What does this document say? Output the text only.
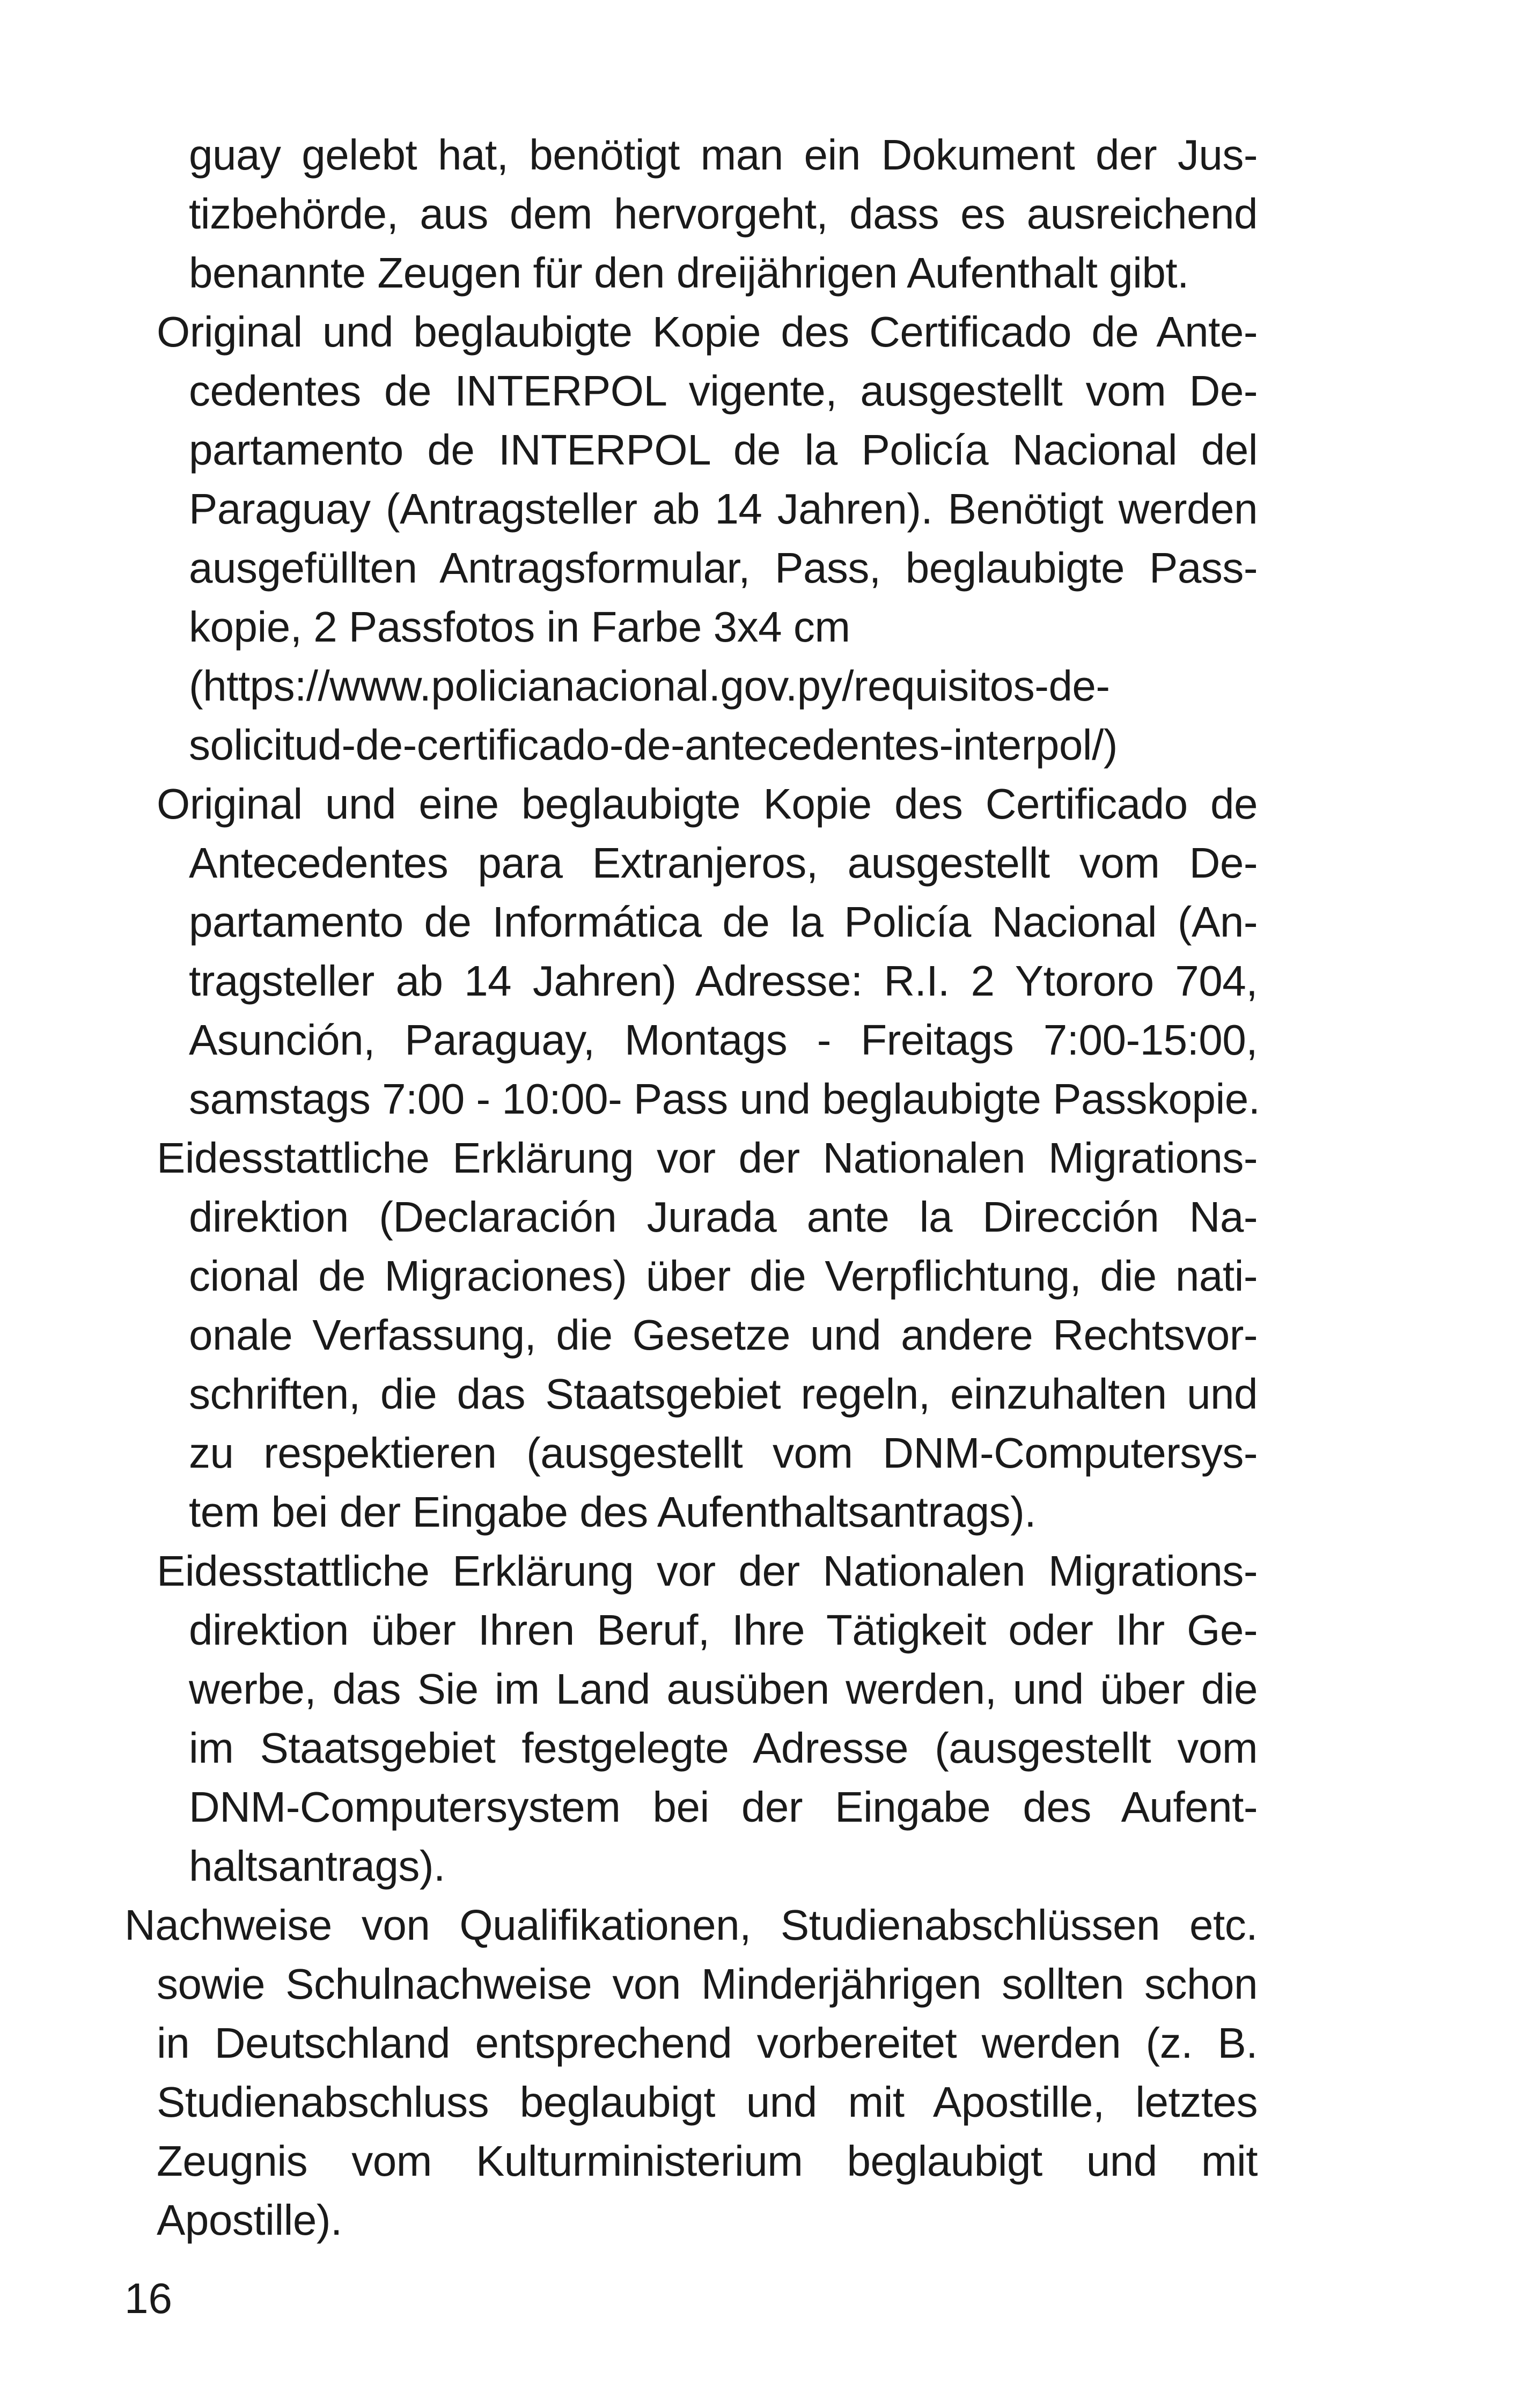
guay gelebt hat, benötigt man ein Dokument der Jus-
tizbehörde, aus dem hervorgeht, dass es ausreichend
benannte Zeugen für den dreijährigen Aufenthalt gibt.
Original und beglaubigte Kopie des Certificado de Ante-
cedentes de INTERPOL vigente, ausgestellt vom De-
partamento de INTERPOL de la Policía Nacional del
Paraguay (Antragsteller ab 14 Jahren). Benötigt werden
ausgefüllten Antragsformular, Pass, beglaubigte Pass-
kopie, 2 Passfotos in Farbe 3x4 cm
(https://www.policianacional.gov.py/requisitos-de-
solicitud-de-certificado-de-antecedentes-interpol/)
Original und eine beglaubigte Kopie des Certificado de
Antecedentes para Extranjeros, ausgestellt vom De-
partamento de Informática de la Policía Nacional (An-
tragsteller ab 14 Jahren) Adresse: R.I. 2 Ytororo 704,
Asunción, Paraguay, Montags - Freitags 7:00-15:00,
samstags 7:00 - 10:00- Pass und beglaubigte Passkopie.
Eidesstattliche Erklärung vor der Nationalen Migrations-
direktion (Declaración Jurada ante la Dirección Na-
cional de Migraciones) über die Verpflichtung, die nati-
onale Verfassung, die Gesetze und andere Rechtsvor-
schriften, die das Staatsgebiet regeln, einzuhalten und
zu respektieren (ausgestellt vom DNM-Computersys-
tem bei der Eingabe des Aufenthaltsantrags).
Eidesstattliche Erklärung vor der Nationalen Migrations-
direktion über Ihren Beruf, Ihre Tätigkeit oder Ihr Ge-
werbe, das Sie im Land ausüben werden, und über die
im Staatsgebiet festgelegte Adresse (ausgestellt vom
DNM-Computersystem bei der Eingabe des Aufent-
haltsantrags).
Nachweise von Qualifikationen, Studienabschlüssen etc.
sowie Schulnachweise von Minderjährigen sollten schon
in Deutschland entsprechend vorbereitet werden (z. B.
Studienabschluss beglaubigt und mit Apostille, letztes
Zeugnis vom Kulturministerium beglaubigt und mit
Apostille).
16
